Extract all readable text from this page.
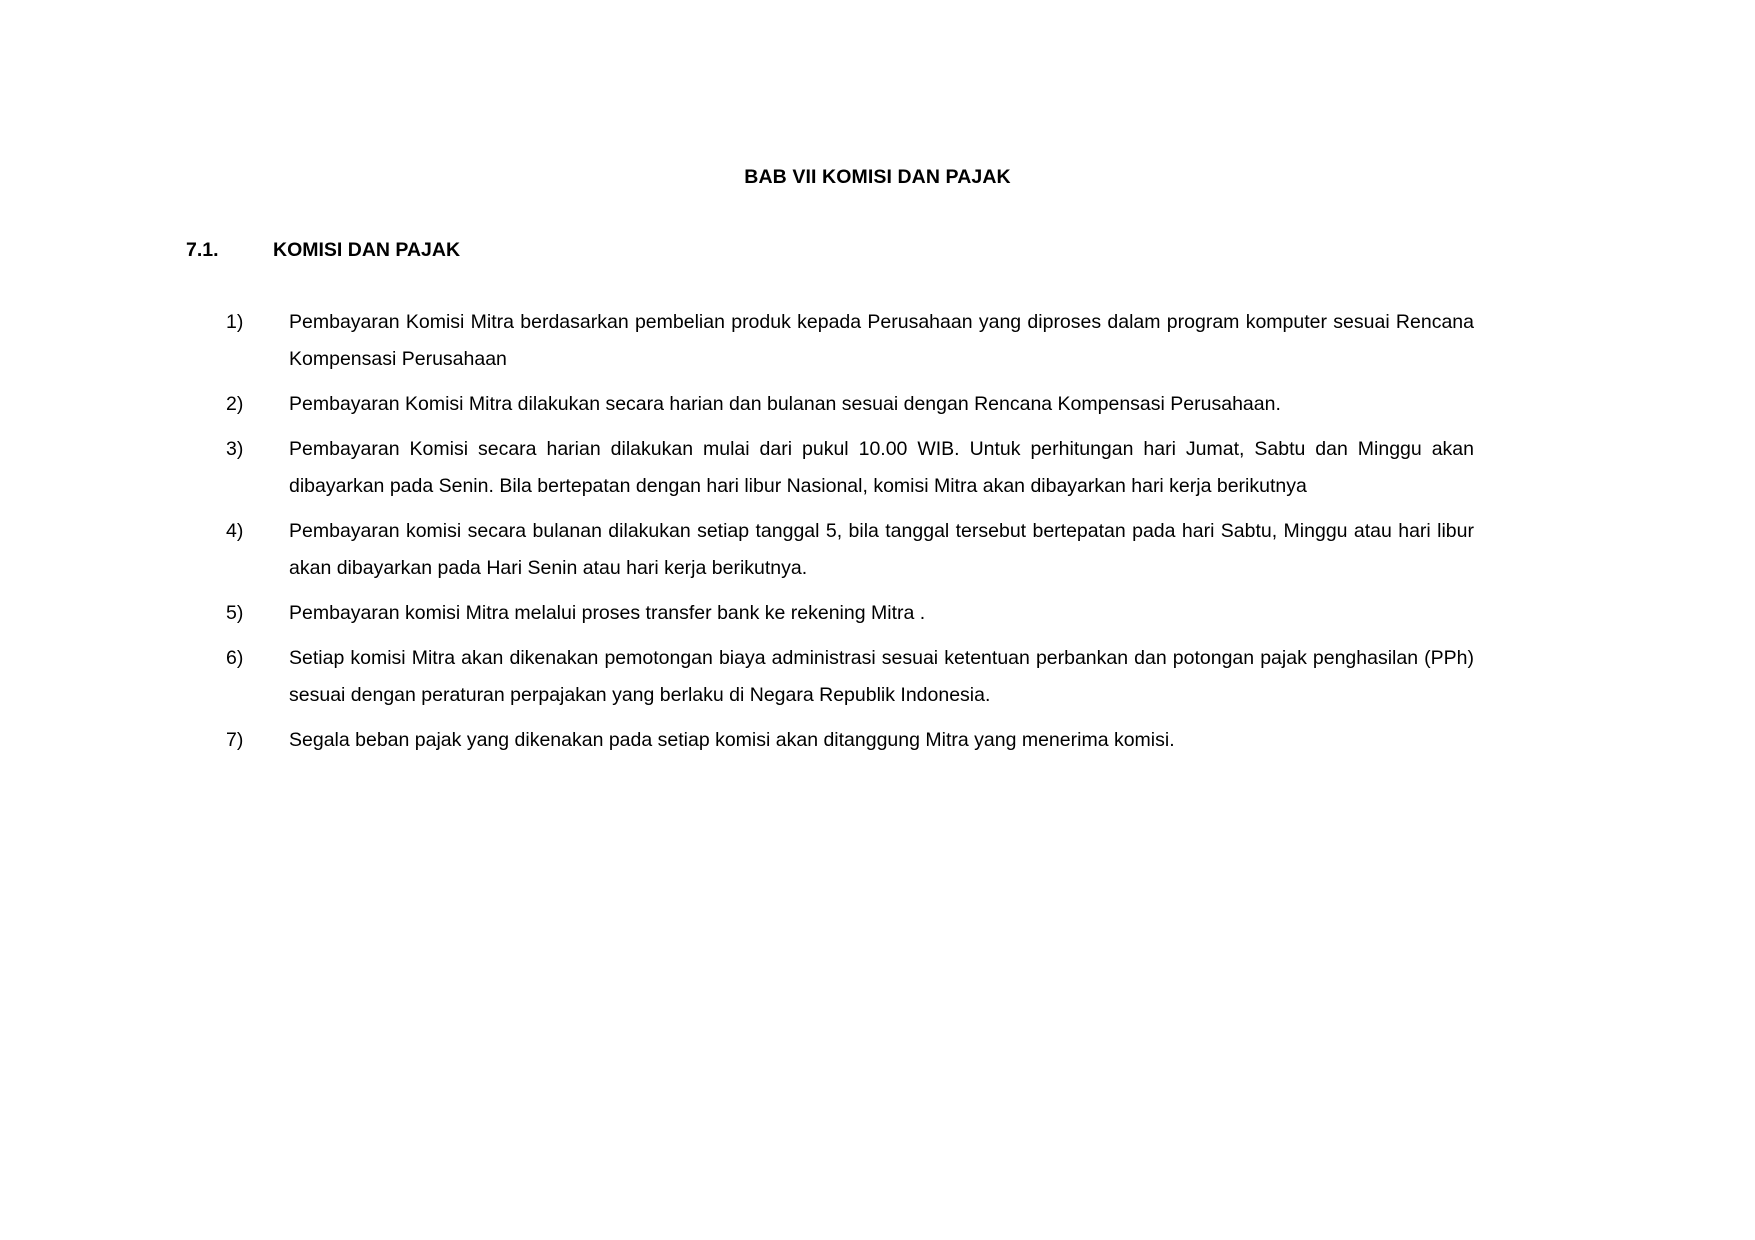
BAB VII KOMISI DAN PAJAK
7.1.	KOMISI DAN PAJAK
1)	Pembayaran Komisi Mitra berdasarkan pembelian produk kepada Perusahaan yang diproses dalam program komputer sesuai Rencana Kompensasi Perusahaan
2)	Pembayaran Komisi Mitra dilakukan secara harian dan bulanan sesuai dengan Rencana Kompensasi Perusahaan.
3)	Pembayaran Komisi secara harian dilakukan mulai dari pukul 10.00 WIB. Untuk perhitungan hari Jumat, Sabtu dan Minggu akan dibayarkan pada Senin. Bila bertepatan dengan hari libur Nasional, komisi Mitra akan dibayarkan hari kerja berikutnya
4)	Pembayaran komisi secara bulanan dilakukan setiap tanggal 5, bila tanggal tersebut bertepatan pada hari Sabtu, Minggu atau hari libur akan dibayarkan pada Hari Senin atau hari kerja berikutnya.
5)	Pembayaran komisi Mitra melalui proses transfer bank ke rekening Mitra .
6)	Setiap komisi Mitra akan dikenakan pemotongan biaya administrasi sesuai ketentuan perbankan dan potongan pajak penghasilan (PPh) sesuai dengan peraturan perpajakan yang berlaku di Negara Republik Indonesia.
7)	Segala beban pajak yang dikenakan pada setiap komisi akan ditanggung Mitra yang menerima komisi.
